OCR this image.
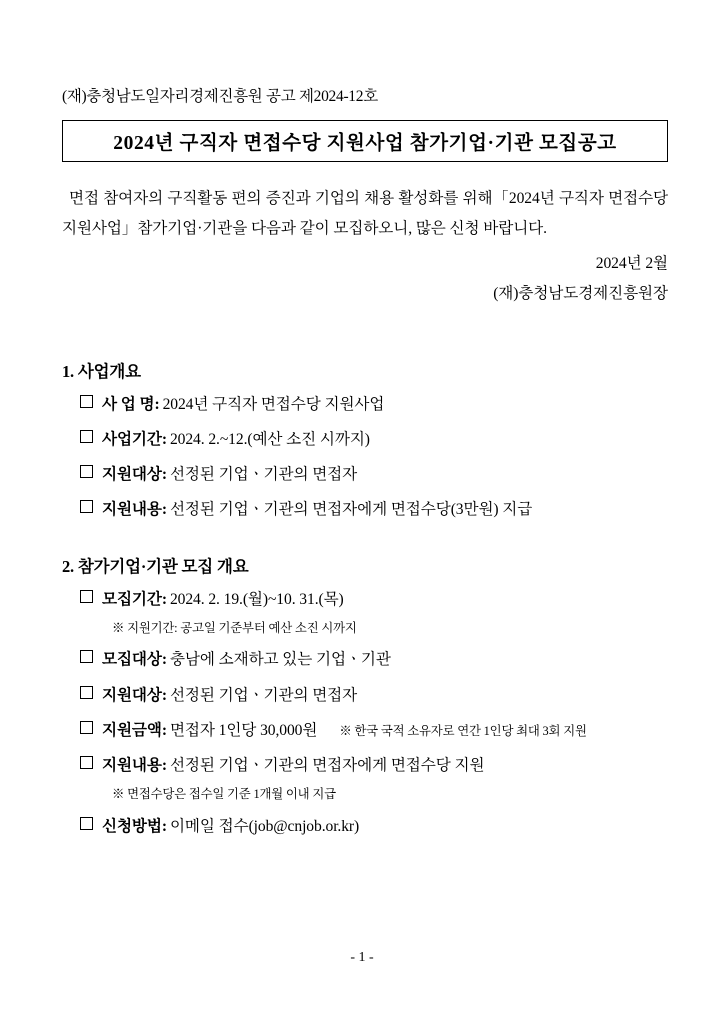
(재)충청남도일자리경제진흥원 공고 제2024-12호

2024년 구직자 면접수당 지원사업 참가기업·기관 모집공고

면접 참여자의 구직활동 편의 증진과 기업의 채용 활성화를 위해「2024년 구직자 면접수당 지원사업」참가기업·기관을 다음과 같이 모집하오니, 많은 신청 바랍니다.

2024년 2월

(재)충청남도경제진흥원장

1. 사업개요
사 업 명: 2024년 구직자 면접수당 지원사업
사업기간: 2024. 2.~12.(예산 소진 시까지)
지원대상: 선정된 기업ㆍ기관의 면접자
지원내용: 선정된 기업ㆍ기관의 면접자에게 면접수당(3만원) 지급
2. 참가기업·기관 모집 개요
모집기간: 2024. 2. 19.(월)~10. 31.(목)
※ 지원기간: 공고일 기준부터 예산 소진 시까지
모집대상: 충남에 소재하고 있는 기업ㆍ기관
지원대상: 선정된 기업ㆍ기관의 면접자
지원금액: 면접자 1인당 30,000원 ※ 한국 국적 소유자로 연간 1인당 최대 3회 지원
지원내용: 선정된 기업ㆍ기관의 면접자에게 면접수당 지원
※ 면접수당은 접수일 기준 1개월 이내 지급
신청방법: 이메일 접수(job@cnjob.or.kr)
- 1 -
